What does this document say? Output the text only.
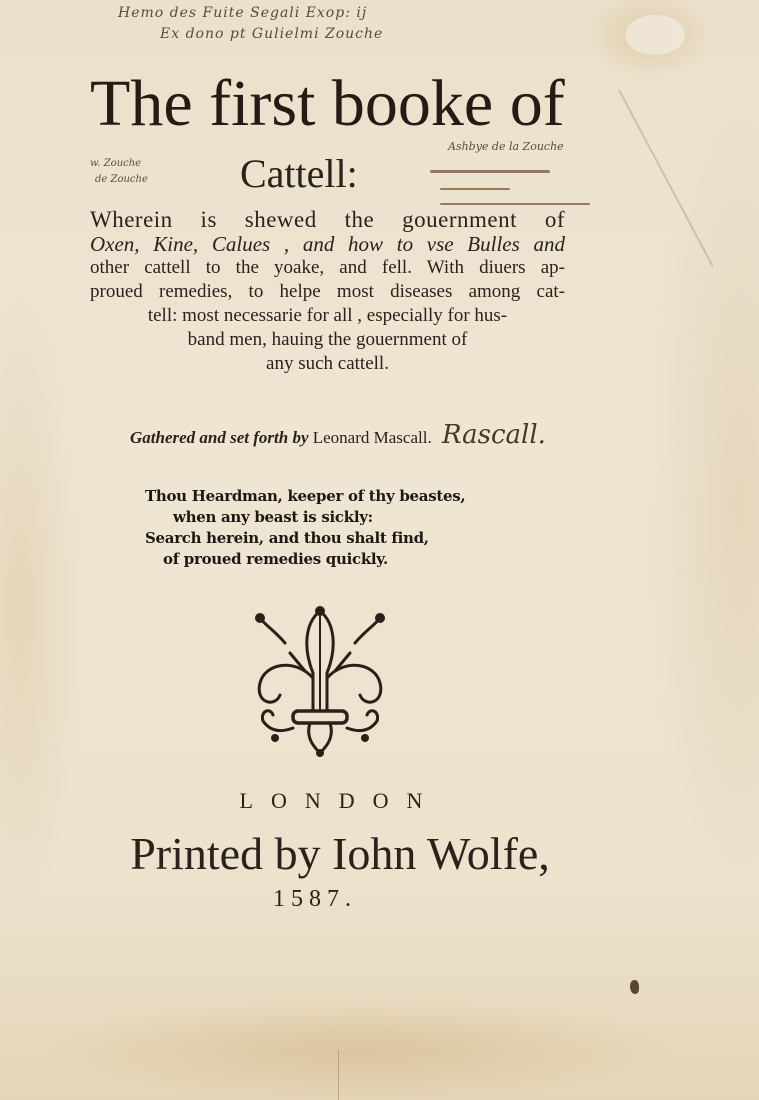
Hemo des Fuite Segali Exop: ij
Ex dono pt Gulielmi Zouche
w. Zouche
de Zouche
Ashbye de la Zouche
The first booke of
Cattell:
Wherein is shewed the gouernment of
Oxen, Kine, Calues , and how to vse Bulles and
other cattell to the yoake, and fell. With diuers ap-
proued remedies, to helpe most diseases among cat-
tell: most necessarie for all , especially for hus-
band men, hauing the gouernment of
any such cattell.
Gathered and set forth by Leonard Mascall. Rascall.
Thou Heardman, keeper of thy beastes,
when any beast is sickly:
Search herein, and thou shalt find,
of proued remedies quickly.
LONDON
Printed by Iohn Wolfe,
1587.
